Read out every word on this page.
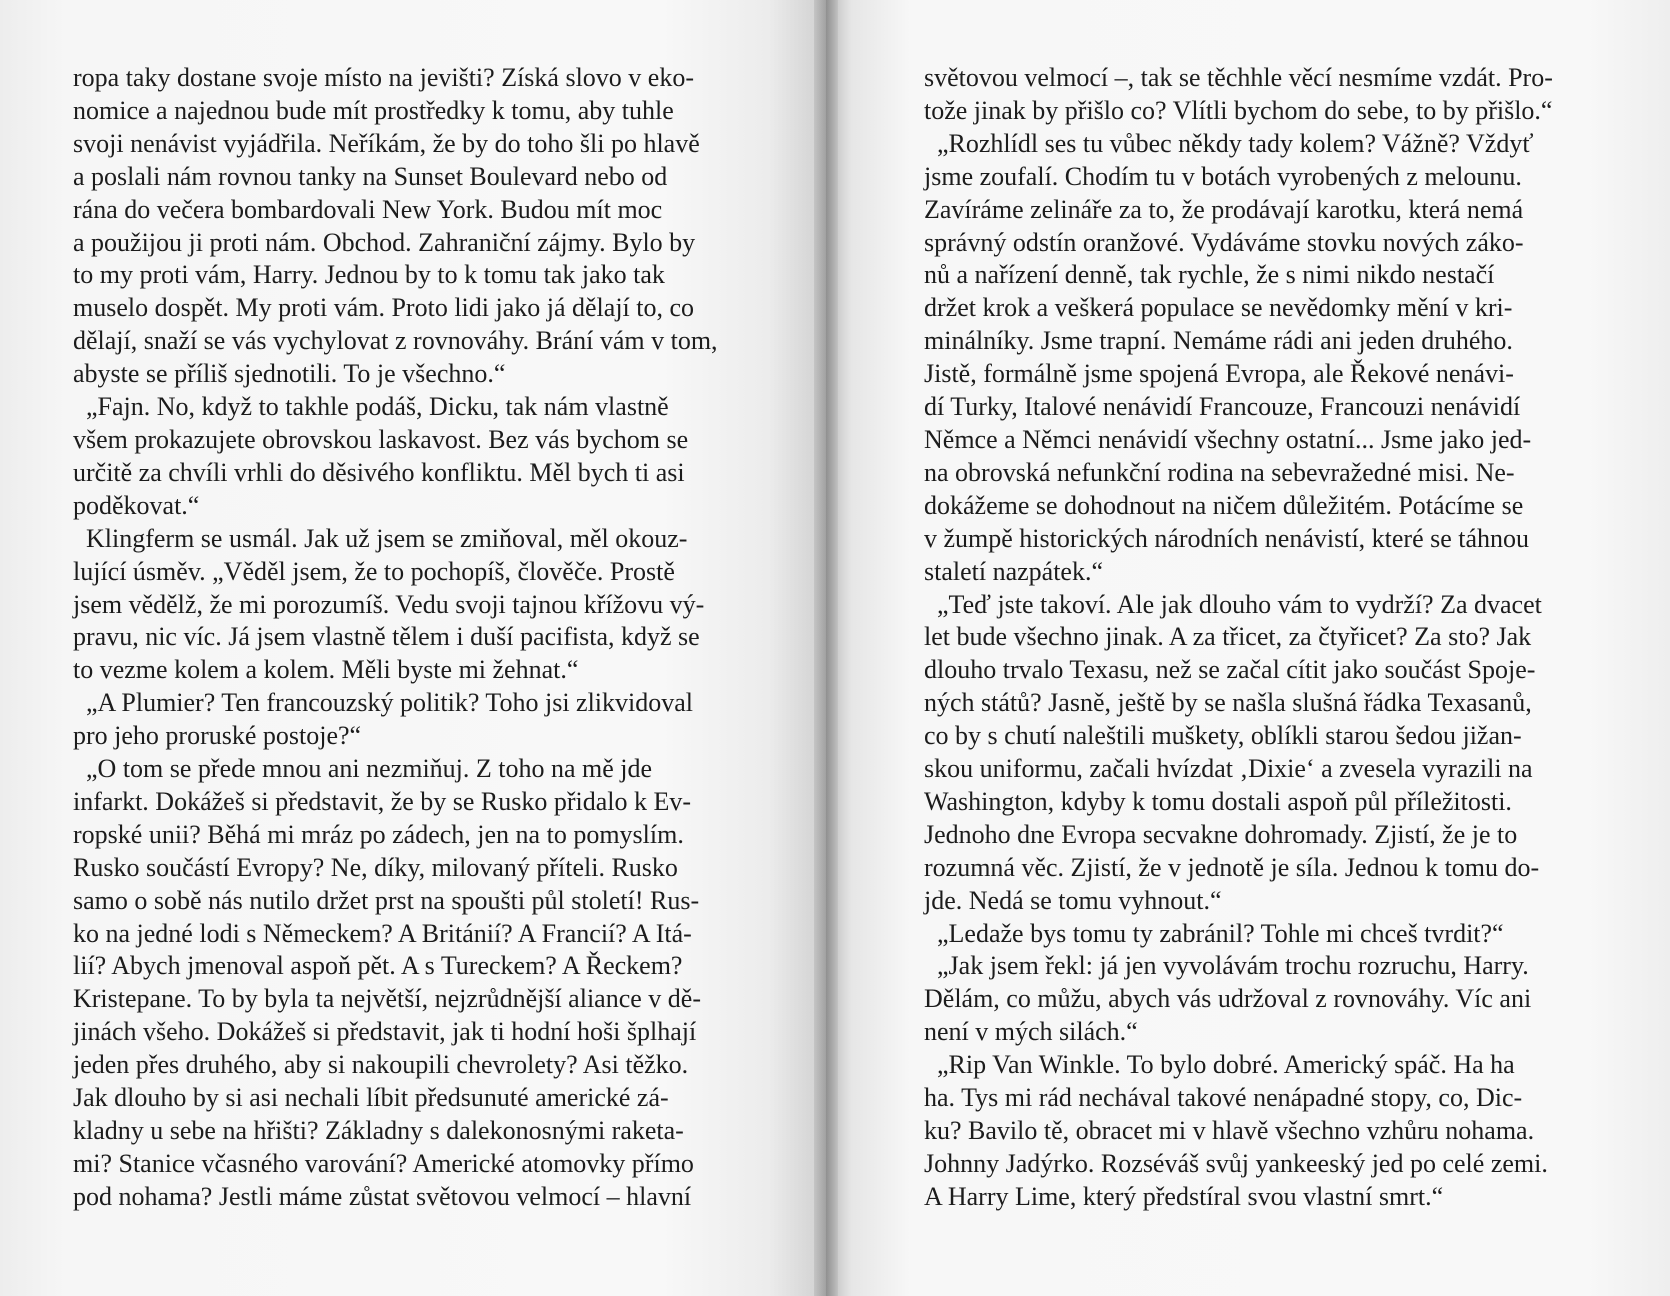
ropa taky dostane svoje místo na jevišti? Získá slovo v eko-
nomice a najednou bude mít prostředky k tomu, aby tuhle
svoji nenávist vyjádřila. Neříkám, že by do toho šli po hlavě
a poslali nám rovnou tanky na Sunset Boulevard nebo od
rána do večera bombardovali New York. Budou mít moc
a použijou ji proti nám. Obchod. Zahraniční zájmy. Bylo by
to my proti vám, Harry. Jednou by to k tomu tak jako tak
muselo dospět. My proti vám. Proto lidi jako já dělají to, co
dělají, snaží se vás vychylovat z rovnováhy. Brání vám v tom,
abyste se příliš sjednotili. To je všechno.“
„Fajn. No, když to takhle podáš, Dicku, tak nám vlastně
všem prokazujete obrovskou laskavost. Bez vás bychom se
určitě za chvíli vrhli do děsivého konfliktu. Měl bych ti asi
poděkovat.“
Klingferm se usmál. Jak už jsem se zmiňoval, měl okouz-
lující úsměv. „Věděl jsem, že to pochopíš, člověče. Prostě
jsem vědělž, že mi porozumíš. Vedu svoji tajnou křížovu vý-
pravu, nic víc. Já jsem vlastně tělem i duší pacifista, když se
to vezme kolem a kolem. Měli byste mi žehnat.“
„A Plumier? Ten francouzský politik? Toho jsi zlikvidoval
pro jeho proruské postoje?“
„O tom se přede mnou ani nezmiňuj. Z toho na mě jde
infarkt. Dokážeš si představit, že by se Rusko přidalo k Ev-
ropské unii? Běhá mi mráz po zádech, jen na to pomyslím.
Rusko součástí Evropy? Ne, díky, milovaný příteli. Rusko
samo o sobě nás nutilo držet prst na spoušti půl století! Rus-
ko na jedné lodi s Německem? A Británií? A Francií? A Itá-
lií? Abych jmenoval aspoň pět. A s Tureckem? A Řeckem?
Kristepane. To by byla ta největší, nejzrůdnější aliance v dě-
jinách všeho. Dokážeš si představit, jak ti hodní hoši šplhají
jeden přes druhého, aby si nakoupili chevrolety? Asi těžko.
Jak dlouho by si asi nechali líbit předsunuté americké zá-
kladny u sebe na hřišti? Základny s dalekonosnými raketa-
mi? Stanice včasného varování? Americké atomovky přímo
pod nohama? Jestli máme zůstat světovou velmocí – hlavní

světovou velmocí –, tak se těchhle věcí nesmíme vzdát. Pro-
tože jinak by přišlo co? Vlítli bychom do sebe, to by přišlo.“
„Rozhlídl ses tu vůbec někdy tady kolem? Vážně? Vždyť
jsme zoufalí. Chodím tu v botách vyrobených z melounu.
Zavíráme zelináře za to, že prodávají karotku, která nemá
správný odstín oranžové. Vydáváme stovku nových záko-
nů a nařízení denně, tak rychle, že s nimi nikdo nestačí
držet krok a veškerá populace se nevědomky mění v kri-
minálníky. Jsme trapní. Nemáme rádi ani jeden druhého.
Jistě, formálně jsme spojená Evropa, ale Řekové nenávi-
dí Turky, Italové nenávidí Francouze, Francouzi nenávidí
Němce a Němci nenávidí všechny ostatní... Jsme jako jed-
na obrovská nefunkční rodina na sebevražedné misi. Ne-
dokážeme se dohodnout na ničem důležitém. Potácíme se
v žumpě historických národních nenávistí, které se táhnou
staletí nazpátek.“
„Teď jste takoví. Ale jak dlouho vám to vydrží? Za dvacet
let bude všechno jinak. A za třicet, za čtyřicet? Za sto? Jak
dlouho trvalo Texasu, než se začal cítit jako součást Spoje-
ných států? Jasně, ještě by se našla slušná řádka Texasanů,
co by s chutí naleštili muškety, oblíkli starou šedou jižan-
skou uniformu, začali hvízdat ‚Dixie‘ a zvesela vyrazili na
Washington, kdyby k tomu dostali aspoň půl příležitosti.
Jednoho dne Evropa secvakne dohromady. Zjistí, že je to
rozumná věc. Zjistí, že v jednotě je síla. Jednou k tomu do-
jde. Nedá se tomu vyhnout.“
„Ledaže bys tomu ty zabránil? Tohle mi chceš tvrdit?“
„Jak jsem řekl: já jen vyvolávám trochu rozruchu, Harry.
Dělám, co můžu, abych vás udržoval z rovnováhy. Víc ani
není v mých silách.“
„Rip Van Winkle. To bylo dobré. Americký spáč. Ha ha
ha. Tys mi rád nechával takové nenápadné stopy, co, Dic-
ku? Bavilo tě, obracet mi v hlavě všechno vzhůru nohama.
Johnny Jadýrko. Rozséváš svůj yankeeský jed po celé zemi.
A Harry Lime, který předstíral svou vlastní smrt.“
